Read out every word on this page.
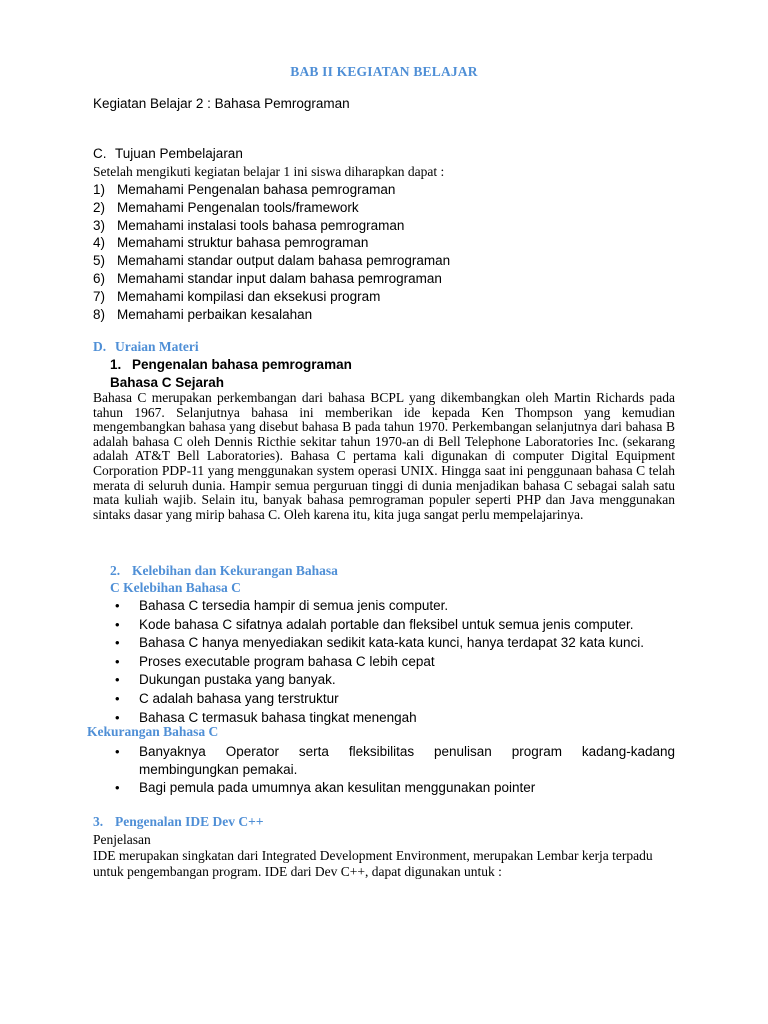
BAB II KEGIATAN BELAJAR
Kegiatan Belajar 2 : Bahasa Pemrograman
C. Tujuan Pembelajaran
Setelah mengikuti kegiatan belajar 1 ini siswa diharapkan dapat :
1) Memahami Pengenalan bahasa pemrograman
2) Memahami Pengenalan tools/framework
3) Memahami instalasi tools bahasa pemrograman
4) Memahami struktur bahasa pemrograman
5) Memahami standar output dalam bahasa pemrograman
6) Memahami standar input dalam bahasa pemrograman
7) Memahami kompilasi dan eksekusi program
8) Memahami perbaikan kesalahan
D. Uraian Materi
1. Pengenalan bahasa pemrograman
Bahasa C Sejarah

Bahasa C merupakan perkembangan dari bahasa BCPL yang dikembangkan oleh Martin Richards pada tahun 1967. Selanjutnya bahasa ini memberikan ide kepada Ken Thompson yang kemudian mengembangkan bahasa yang disebut bahasa B pada tahun 1970. Perkembangan selanjutnya dari bahasa B adalah bahasa C oleh Dennis Ricthie sekitar tahun 1970-an di Bell Telephone Laboratories Inc. (sekarang adalah AT&T Bell Laboratories). Bahasa C pertama kali digunakan di computer Digital Equipment Corporation PDP-11 yang menggunakan system operasi UNIX. Hingga saat ini penggunaan bahasa C telah merata di seluruh dunia. Hampir semua perguruan tinggi di dunia menjadikan bahasa C sebagai salah satu mata kuliah wajib. Selain itu, banyak bahasa pemrograman populer seperti PHP dan Java menggunakan sintaks dasar yang mirip bahasa C. Oleh karena itu, kita juga sangat perlu mempelajarinya.

2. Kelebihan dan Kekurangan Bahasa
C Kelebihan Bahasa C
• Bahasa C tersedia hampir di semua jenis computer.
• Kode bahasa C sifatnya adalah portable dan fleksibel untuk semua jenis computer.
• Bahasa C hanya menyediakan sedikit kata-kata kunci, hanya terdapat 32 kata kunci.
• Proses executable program bahasa C lebih cepat
• Dukungan pustaka yang banyak.
• C adalah bahasa yang terstruktur
• Bahasa C termasuk bahasa tingkat menengah
Kekurangan Bahasa C
•	Banyaknya Operator serta fleksibilitas penulisan program kadang-kadang membingungkan pemakai.
•	Bagi pemula pada umumnya akan kesulitan menggunakan pointer
3. Pengenalan IDE Dev C++
Penjelasan

IDE merupakan singkatan dari Integrated Development Environment, merupakan Lembar kerja terpadu untuk pengembangan program. IDE dari Dev C++, dapat digunakan untuk :
